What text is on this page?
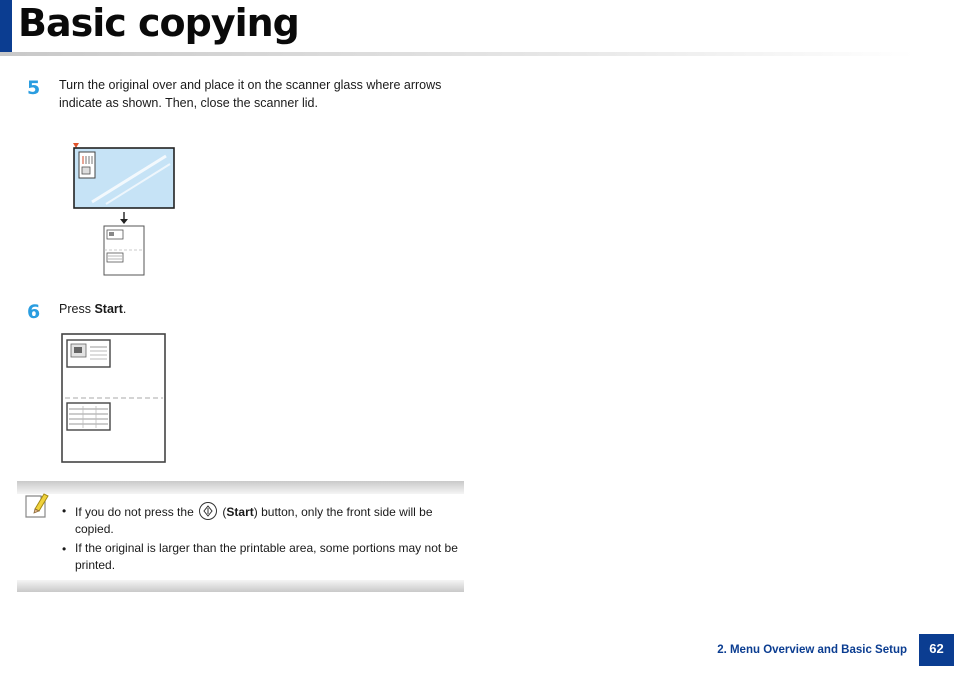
Basic copying
5 Turn the original over and place it on the scanner glass where arrows
indicate as shown. Then, close the scanner lid.
6 Press Start.
• If you do not press the
(Start) button, only the front side will be
copied.
• If the original is larger than the printable area, some portions may not be
printed.
2. Menu Overview and Basic Setup	62
